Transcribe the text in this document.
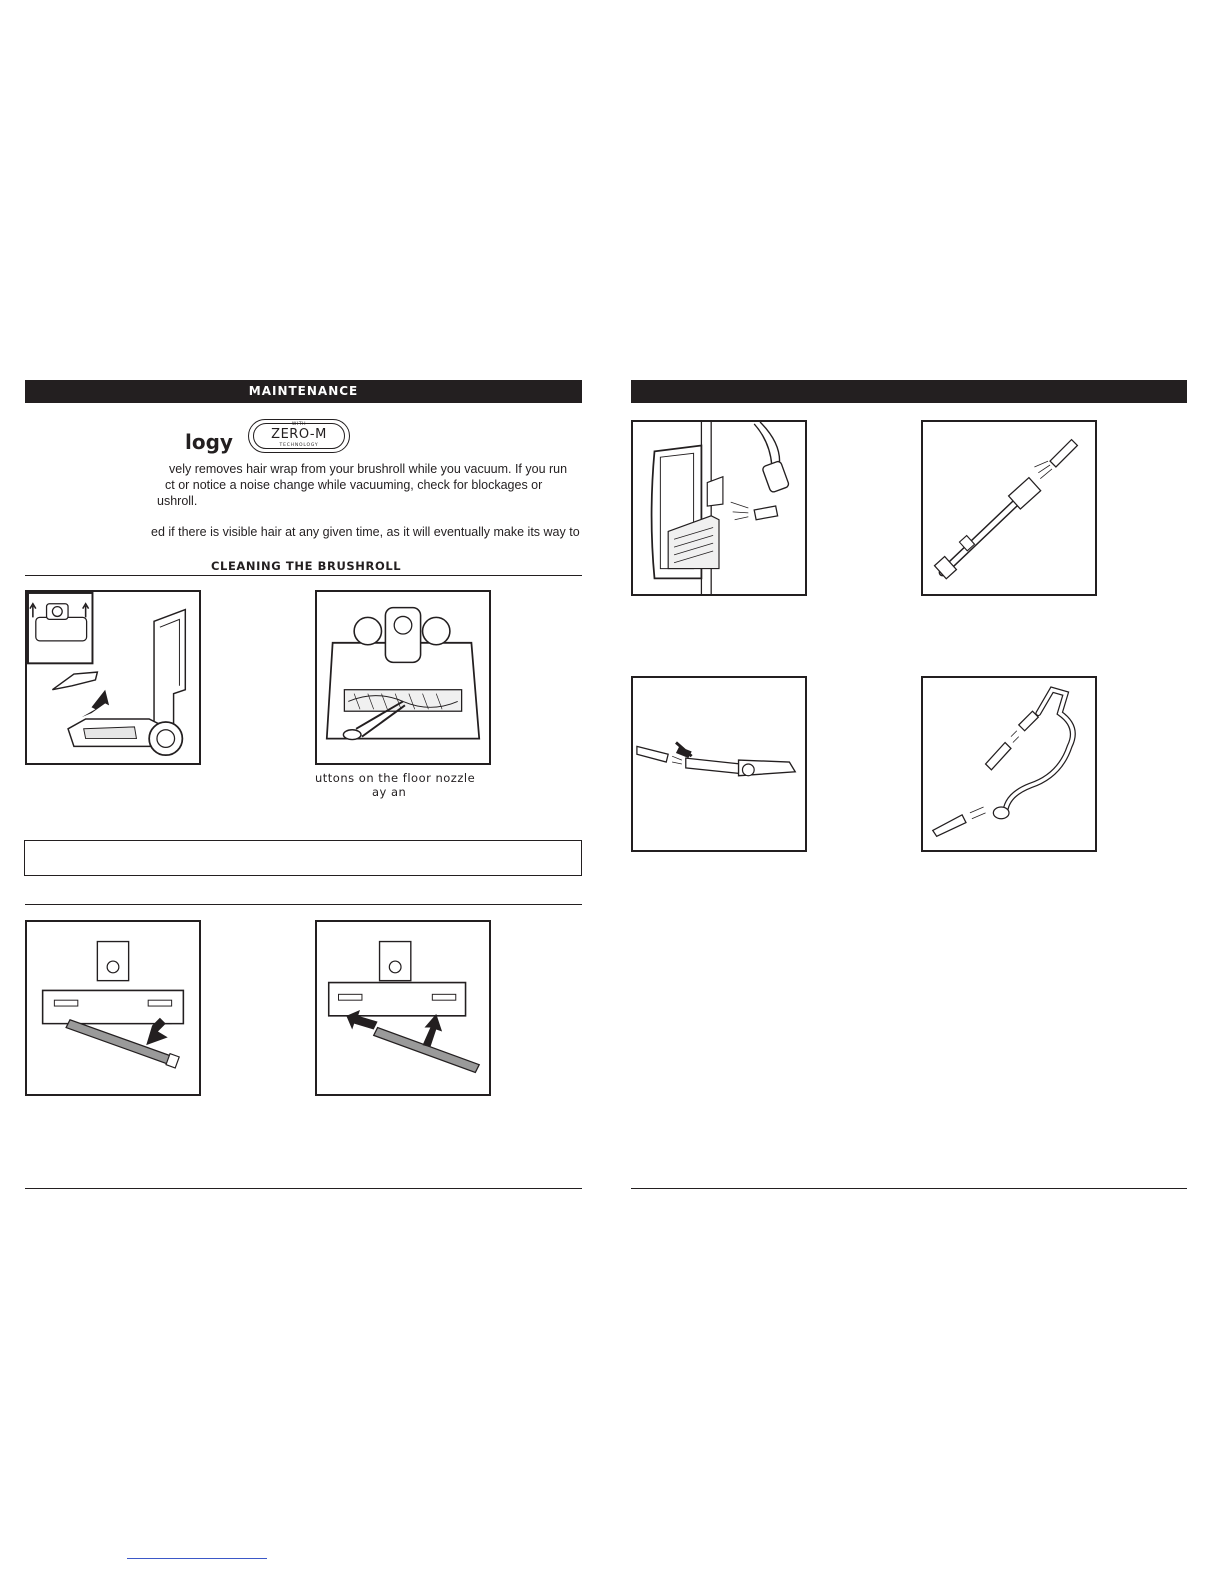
MAINTENANCE
logy
WITH
ZERO-M
TECHNOLOGY
vely removes hair wrap from your brushroll while you vacuum. If you run
ct or notice a noise change while vacuuming, check for blockages or
ushroll.
ed if there is visible hair at any given time, as it will eventually make its way to
CLEANING THE BRUSHROLL
uttons on the floor nozzle
ay an
